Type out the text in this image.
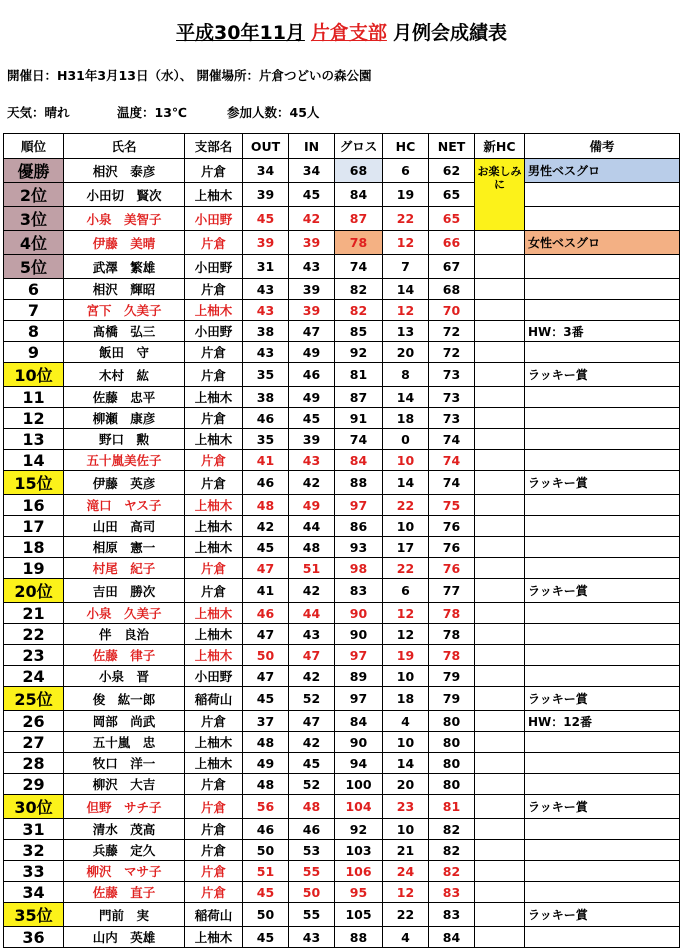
平成30年11月 片倉支部 月例会成績表
開催日：H31年3月13日（水）、 開催場所：片倉つどいの森公園
天気：晴れ	温度：13℃	参加人数：45人
順位	氏名	支部名	OUT	IN	グロス	HC	NET	新HC	備考
優勝	相沢　泰彦	片倉	34	34	68	6	62	お楽しみに	男性ベスグロ
2位	小田切　賢次	上柚木	39	45	84	19	65		
3位	小泉　美智子	小田野	45	42	87	22	65		
4位	伊藤　美晴	片倉	39	39	78	12	66		女性ベスグロ
5位	武澤　繁雄	小田野	31	43	74	7	67		
6	相沢　輝昭	片倉	43	39	82	14	68		
7	宮下　久美子	上柚木	43	39	82	12	70		
8	髙橋　弘三	小田野	38	47	85	13	72		HW：3番
9	飯田　守	片倉	43	49	92	20	72		
10位	木村　紘	片倉	35	46	81	8	73		ラッキー賞
11	佐藤　忠平	上柚木	38	49	87	14	73		
12	柳瀬　康彦	片倉	46	45	91	18	73		
13	野口　勲	上柚木	35	39	74	0	74		
14	五十嵐美佐子	片倉	41	43	84	10	74		
15位	伊藤　英彦	片倉	46	42	88	14	74		ラッキー賞
16	滝口　ヤス子	上柚木	48	49	97	22	75		
17	山田　高司	上柚木	42	44	86	10	76		
18	相原　憲一	上柚木	45	48	93	17	76		
19	村尾　紀子	片倉	47	51	98	22	76		
20位	吉田　勝次	片倉	41	42	83	6	77		ラッキー賞
21	小泉　久美子	上柚木	46	44	90	12	78		
22	伴　良治	上柚木	47	43	90	12	78		
23	佐藤　律子	上柚木	50	47	97	19	78		
24	小泉　晋	小田野	47	42	89	10	79		
25位	俊　紘一郎	稲荷山	45	52	97	18	79		ラッキー賞
26	岡部　尚武	片倉	37	47	84	4	80		HW：12番
27	五十嵐　忠	上柚木	48	42	90	10	80		
28	牧口　洋一	上柚木	49	45	94	14	80		
29	柳沢　大吉	片倉	48	52	100	20	80		
30位	但野　サチ子	片倉	56	48	104	23	81		ラッキー賞
31	清水　茂高	片倉	46	46	92	10	82		
32	兵藤　定久	片倉	50	53	103	21	82		
33	柳沢　マサ子	片倉	51	55	106	24	82		
34	佐藤　直子	片倉	45	50	95	12	83		
35位	門前　実	稲荷山	50	55	105	22	83		ラッキー賞
36	山内　英雄	上柚木	45	43	88	4	84		
